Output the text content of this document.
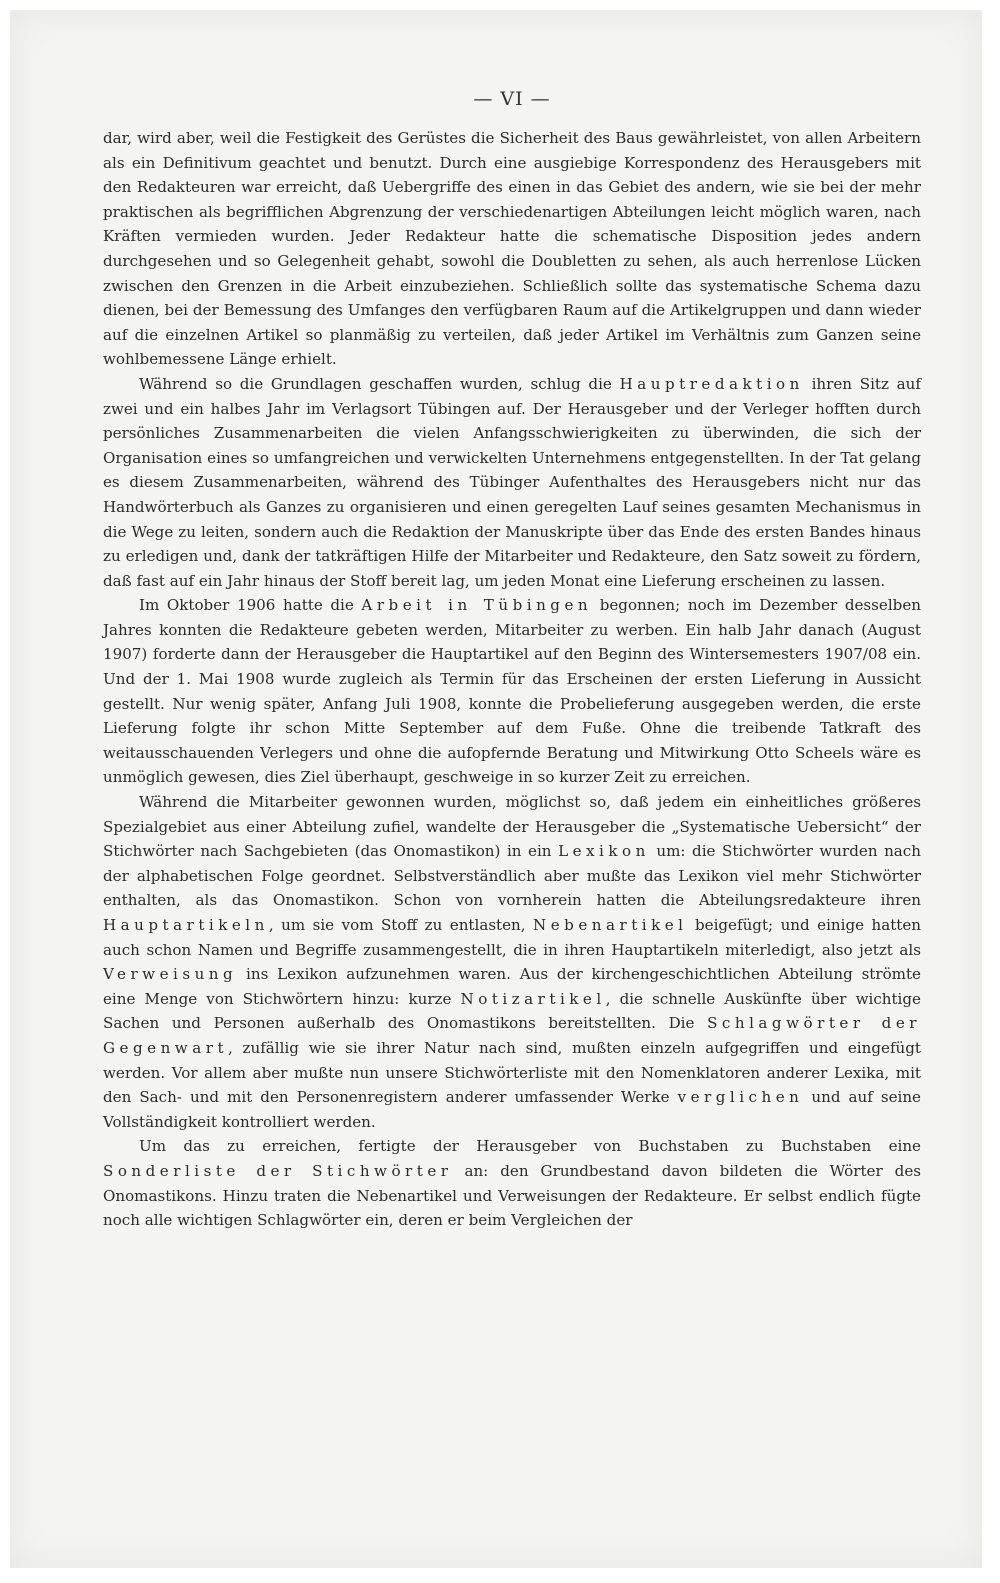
— VI —

dar, wird aber, weil die Festigkeit des Gerüstes die Sicherheit des Baus gewährleistet, von allen Arbeitern als ein Definitivum geachtet und benutzt. Durch eine ausgiebige Korrespondenz des Herausgebers mit den Redakteuren war erreicht, daß Uebergriffe des einen in das Gebiet des andern, wie sie bei der mehr praktischen als begrifflichen Abgrenzung der verschiedenartigen Abteilungen leicht möglich waren, nach Kräften vermieden wurden. Jeder Redakteur hatte die schematische Disposition jedes andern durchgesehen und so Gelegenheit gehabt, sowohl die Doubletten zu sehen, als auch herrenlose Lücken zwischen den Grenzen in die Arbeit einzubeziehen. Schließlich sollte das systematische Schema dazu dienen, bei der Bemessung des Umfanges den verfügbaren Raum auf die Artikelgruppen und dann wieder auf die einzelnen Artikel so planmäßig zu verteilen, daß jeder Artikel im Verhältnis zum Ganzen seine wohlbemessene Länge erhielt.

Während so die Grundlagen geschaffen wurden, schlug die Hauptredaktion ihren Sitz auf zwei und ein halbes Jahr im Verlagsort Tübingen auf. Der Herausgeber und der Verleger hofften durch persönliches Zusammenarbeiten die vielen Anfangsschwierigkeiten zu überwinden, die sich der Organisation eines so umfangreichen und verwickelten Unternehmens entgegenstellten. In der Tat gelang es diesem Zusammenarbeiten, während des Tübinger Aufenthaltes des Herausgebers nicht nur das Handwörterbuch als Ganzes zu organisieren und einen geregelten Lauf seines gesamten Mechanismus in die Wege zu leiten, sondern auch die Redaktion der Manuskripte über das Ende des ersten Bandes hinaus zu erledigen und, dank der tatkräftigen Hilfe der Mitarbeiter und Redakteure, den Satz soweit zu fördern, daß fast auf ein Jahr hinaus der Stoff bereit lag, um jeden Monat eine Lieferung erscheinen zu lassen.

Im Oktober 1906 hatte die Arbeit in Tübingen begonnen; noch im Dezember desselben Jahres konnten die Redakteure gebeten werden, Mitarbeiter zu werben. Ein halb Jahr danach (August 1907) forderte dann der Herausgeber die Hauptartikel auf den Beginn des Wintersemesters 1907/08 ein. Und der 1. Mai 1908 wurde zugleich als Termin für das Erscheinen der ersten Lieferung in Aussicht gestellt. Nur wenig später, Anfang Juli 1908, konnte die Probelieferung ausgegeben werden, die erste Lieferung folgte ihr schon Mitte September auf dem Fuße. Ohne die treibende Tatkraft des weitausschauenden Verlegers und ohne die aufopfernde Beratung und Mitwirkung Otto Scheels wäre es unmöglich gewesen, dies Ziel überhaupt, geschweige in so kurzer Zeit zu erreichen.

Während die Mitarbeiter gewonnen wurden, möglichst so, daß jedem ein einheitliches größeres Spezialgebiet aus einer Abteilung zufiel, wandelte der Herausgeber die „Systematische Uebersicht“ der Stichwörter nach Sachgebieten (das Onomastikon) in ein Lexikon um: die Stichwörter wurden nach der alphabetischen Folge geordnet. Selbstverständlich aber mußte das Lexikon viel mehr Stichwörter enthalten, als das Onomastikon. Schon von vornherein hatten die Abteilungsredakteure ihren Hauptartikeln, um sie vom Stoff zu entlasten, Nebenartikel beigefügt; und einige hatten auch schon Namen und Begriffe zusammengestellt, die in ihren Hauptartikeln miterledigt, also jetzt als Verweisung ins Lexikon aufzunehmen waren. Aus der kirchengeschichtlichen Abteilung strömte eine Menge von Stichwörtern hinzu: kurze Notizartikel, die schnelle Auskünfte über wichtige Sachen und Personen außerhalb des Onomastikons bereitstellten. Die Schlagwörter der Gegenwart, zufällig wie sie ihrer Natur nach sind, mußten einzeln aufgegriffen und eingefügt werden. Vor allem aber mußte nun unsere Stichwörterliste mit den Nomenklatoren anderer Lexika, mit den Sach- und mit den Personenregistern anderer umfassender Werke verglichen und auf seine Vollständigkeit kontrolliert werden.

Um das zu erreichen, fertigte der Herausgeber von Buchstaben zu Buchstaben eine Sonderliste der Stichwörter an: den Grundbestand davon bildeten die Wörter des Onomastikons. Hinzu traten die Nebenartikel und Verweisungen der Redakteure. Er selbst endlich fügte noch alle wichtigen Schlagwörter ein, deren er beim Vergleichen der
